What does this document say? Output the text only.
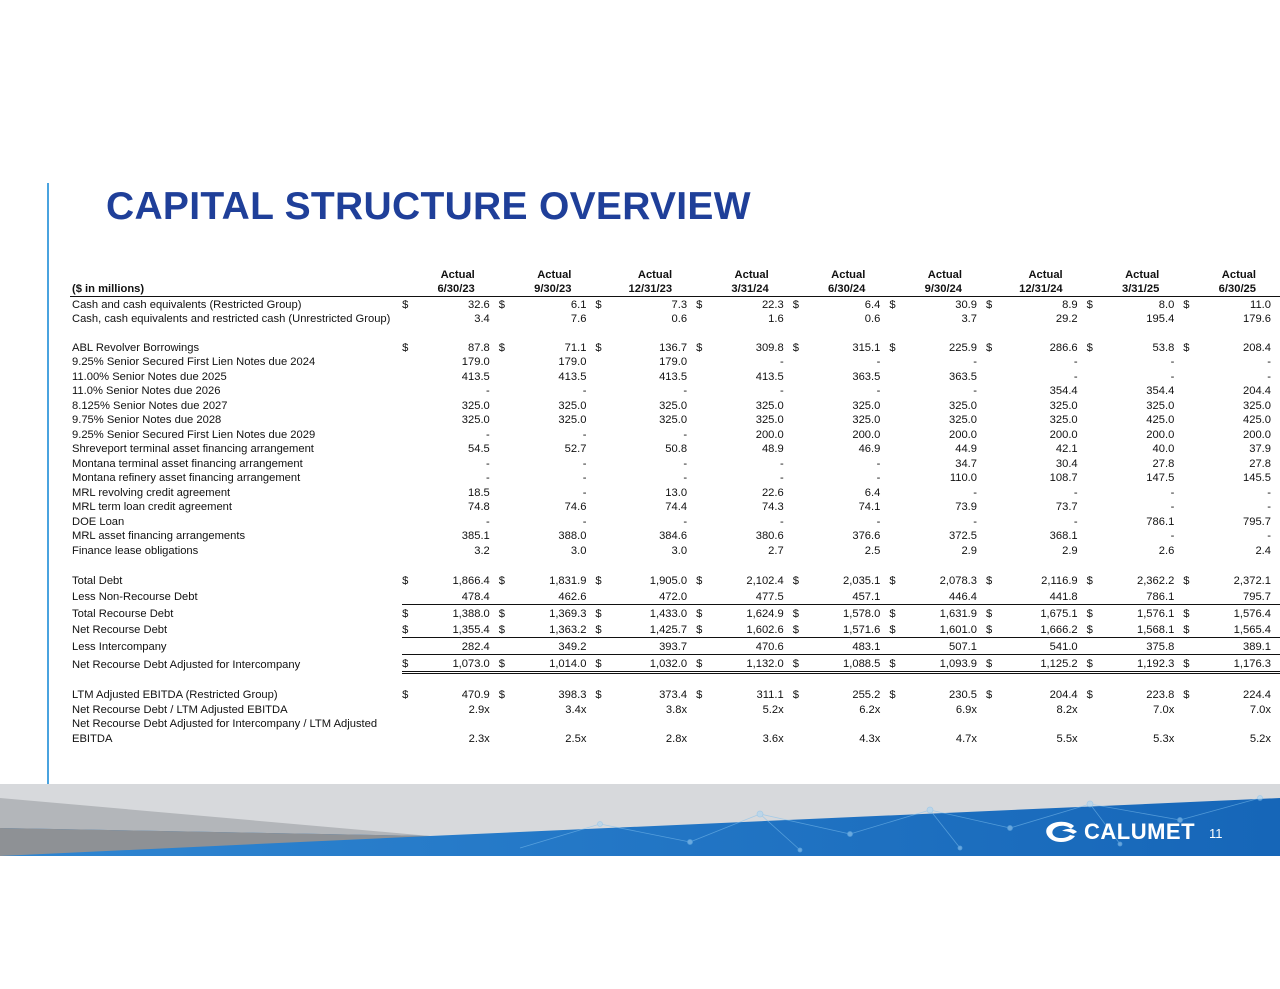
CAPITAL STRUCTURE OVERVIEW
		Actual		Actual		Actual		Actual		Actual		Actual		Actual		Actual		Actual
($ in millions)		6/30/23		9/30/23		12/31/23		3/31/24		6/30/24		9/30/24		12/31/24		3/31/25		6/30/25
Cash and cash equivalents (Restricted Group)	$	32.6	$	6.1	$	7.3	$	22.3	$	6.4	$	30.9	$	8.9	$	8.0	$	11.0
Cash, cash equivalents and restricted cash (Unrestricted Group)		3.4		7.6		0.6		1.6		0.6		3.7		29.2		195.4		179.6

ABL Revolver Borrowings	$	87.8	$	71.1	$	136.7	$	309.8	$	315.1	$	225.9	$	286.6	$	53.8	$	208.4
9.25% Senior Secured First Lien Notes due 2024		179.0		179.0		179.0		-		-		-		-		-		-
11.00% Senior Notes due 2025		413.5		413.5		413.5		413.5		363.5		363.5		-		-		-
11.0% Senior Notes due 2026		-		-		-		-		-		-		354.4		354.4		204.4
8.125% Senior Notes due 2027		325.0		325.0		325.0		325.0		325.0		325.0		325.0		325.0		325.0
9.75% Senior Notes due 2028		325.0		325.0		325.0		325.0		325.0		325.0		325.0		425.0		425.0
9.25% Senior Secured First Lien Notes due 2029		-		-		-		200.0		200.0		200.0		200.0		200.0		200.0
Shreveport terminal asset financing arrangement		54.5		52.7		50.8		48.9		46.9		44.9		42.1		40.0		37.9
Montana terminal asset financing arrangement		-		-		-		-		-		34.7		30.4		27.8		27.8
Montana refinery asset financing arrangement		-		-		-		-		-		110.0		108.7		147.5		145.5
MRL revolving credit agreement		18.5		-		13.0		22.6		6.4		-		-		-		-
MRL term loan credit agreement		74.8		74.6		74.4		74.3		74.1		73.9		73.7		-		-
DOE Loan		-		-		-		-		-		-		-		786.1		795.7
MRL asset financing arrangements		385.1		388.0		384.6		380.6		376.6		372.5		368.1		-		-
Finance lease obligations		3.2		3.0		3.0		2.7		2.5		2.9		2.9		2.6		2.4

Total Debt	$	1,866.4	$	1,831.9	$	1,905.0	$	2,102.4	$	2,035.1	$	2,078.3	$	2,116.9	$	2,362.2	$	2,372.1
Less Non-Recourse Debt		478.4		462.6		472.0		477.5		457.1		446.4		441.8		786.1		795.7
Total Recourse Debt	$	1,388.0	$	1,369.3	$	1,433.0	$	1,624.9	$	1,578.0	$	1,631.9	$	1,675.1	$	1,576.1	$	1,576.4
Net Recourse Debt	$	1,355.4	$	1,363.2	$	1,425.7	$	1,602.6	$	1,571.6	$	1,601.0	$	1,666.2	$	1,568.1	$	1,565.4
Less Intercompany		282.4		349.2		393.7		470.6		483.1		507.1		541.0		375.8		389.1
Net Recourse Debt Adjusted for Intercompany	$	1,073.0	$	1,014.0	$	1,032.0	$	1,132.0	$	1,088.5	$	1,093.9	$	1,125.2	$	1,192.3	$	1,176.3

LTM Adjusted EBITDA (Restricted Group)	$	470.9	$	398.3	$	373.4	$	311.1	$	255.2	$	230.5	$	204.4	$	223.8	$	224.4
Net Recourse Debt / LTM Adjusted EBITDA		2.9x		3.4x		3.8x		5.2x		6.2x		6.9x		8.2x		7.0x		7.0x
Net Recourse Debt Adjusted for Intercompany / LTM Adjusted																		
EBITDA		2.3x		2.5x		2.8x		3.6x		4.3x		4.7x		5.5x		5.3x		5.2x
CALUMET 11
